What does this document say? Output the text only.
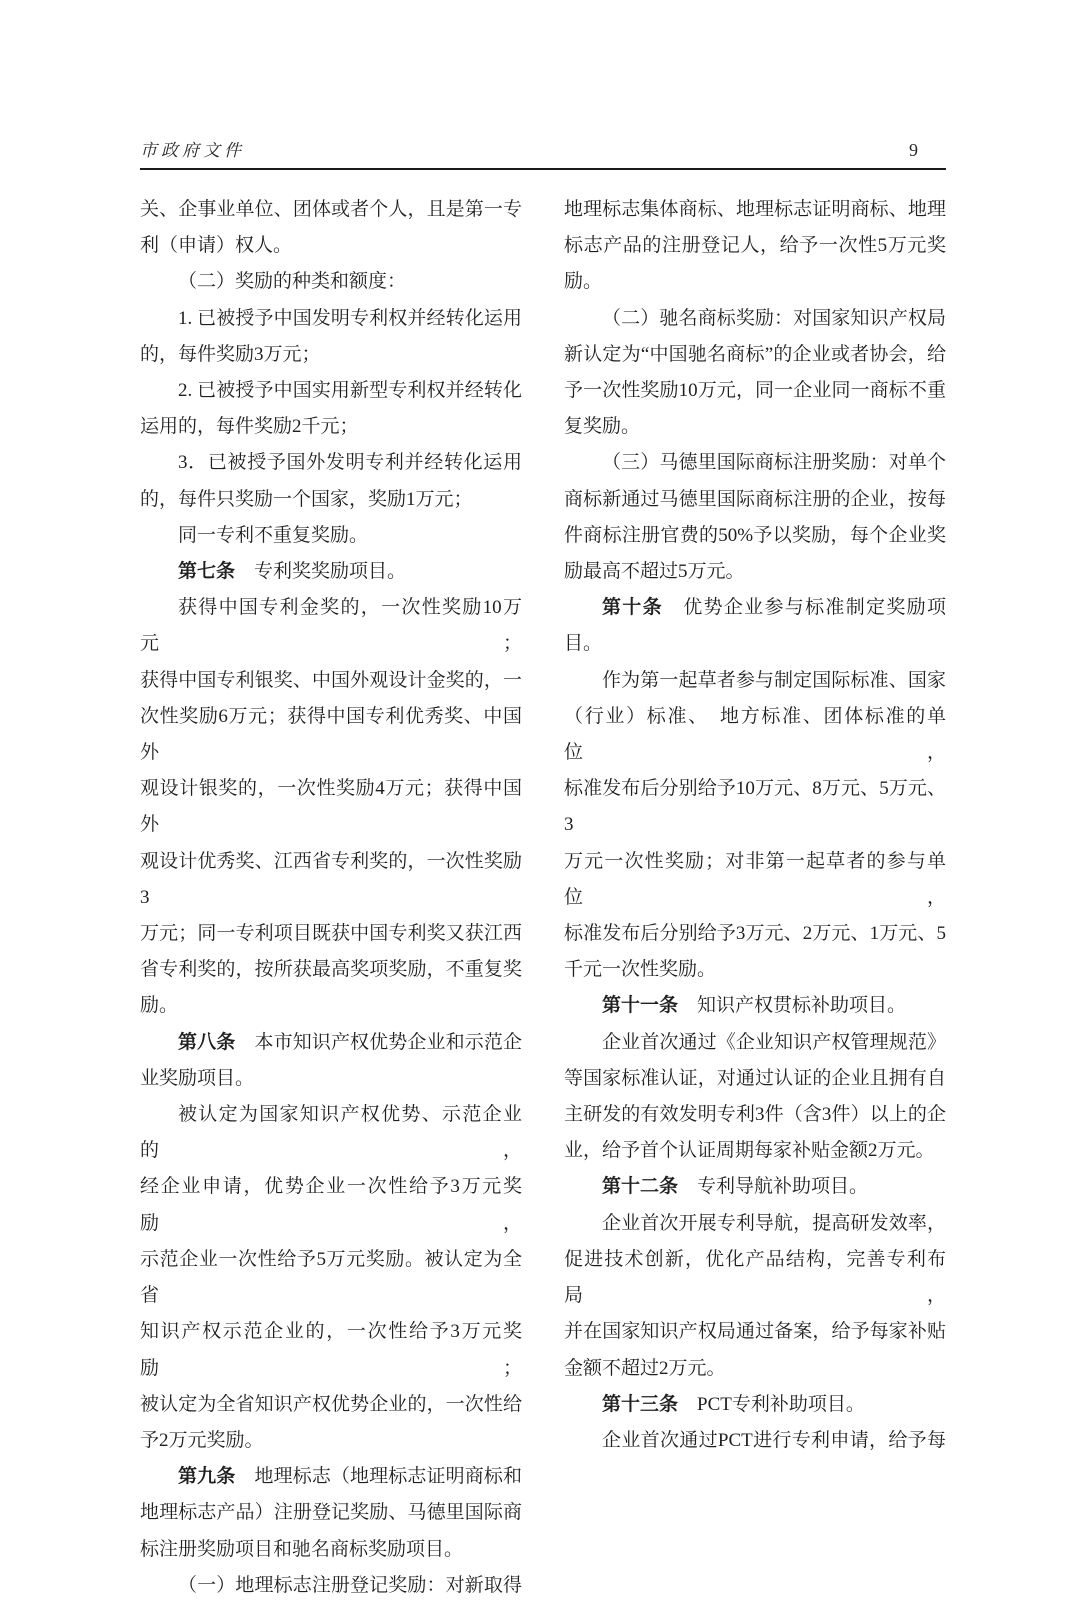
市政府文件	9
关、企事业单位、团体或者个人，且是第一专
利（申请）权人。
（二）奖励的种类和额度：
1. 已被授予中国发明专利权并经转化运用
的，每件奖励3万元；
2. 已被授予中国实用新型专利权并经转化
运用的，每件奖励2千元；
3．已被授予国外发明专利并经转化运用
的，每件只奖励一个国家，奖励1万元；
同一专利不重复奖励。
第七条　专利奖奖励项目。
获得中国专利金奖的，一次性奖励10万元；
获得中国专利银奖、中国外观设计金奖的，一
次性奖励6万元；获得中国专利优秀奖、中国外
观设计银奖的，一次性奖励4万元；获得中国外
观设计优秀奖、江西省专利奖的，一次性奖励3
万元；同一专利项目既获中国专利奖又获江西
省专利奖的，按所获最高奖项奖励，不重复奖
励。
第八条　本市知识产权优势企业和示范企
业奖励项目。
被认定为国家知识产权优势、示范企业的，
经企业申请，优势企业一次性给予3万元奖励，
示范企业一次性给予5万元奖励。被认定为全省
知识产权示范企业的，一次性给予3万元奖励；
被认定为全省知识产权优势企业的，一次性给
予2万元奖励。
第九条　地理标志（地理标志证明商标和
地理标志产品）注册登记奖励、马德里国际商
标注册奖励项目和驰名商标奖励项目。
（一）地理标志注册登记奖励：对新取得
地理标志集体商标、地理标志证明商标、地理
标志产品的注册登记人，给予一次性5万元奖
励。
（二）驰名商标奖励：对国家知识产权局
新认定为“中国驰名商标”的企业或者协会，给
予一次性奖励10万元，同一企业同一商标不重
复奖励。
（三）马德里国际商标注册奖励：对单个
商标新通过马德里国际商标注册的企业，按每
件商标注册官费的50%予以奖励，每个企业奖
励最高不超过5万元。
第十条　优势企业参与标准制定奖励项
目。
作为第一起草者参与制定国际标准、国家
（行业）标准、　地方标准、团体标准的单位，
标准发布后分别给予10万元、8万元、5万元、3
万元一次性奖励；对非第一起草者的参与单位，
标准发布后分别给予3万元、2万元、1万元、5
千元一次性奖励。
第十一条　知识产权贯标补助项目。
企业首次通过《企业知识产权管理规范》
等国家标准认证，对通过认证的企业且拥有自
主研发的有效发明专利3件（含3件）以上的企
业，给予首个认证周期每家补贴金额2万元。
第十二条　专利导航补助项目。
企业首次开展专利导航，提高研发效率，
促进技术创新，优化产品结构，完善专利布局，
并在国家知识产权局通过备案，给予每家补贴
金额不超过2万元。
第十三条　PCT专利补助项目。
企业首次通过PCT进行专利申请，给予每
